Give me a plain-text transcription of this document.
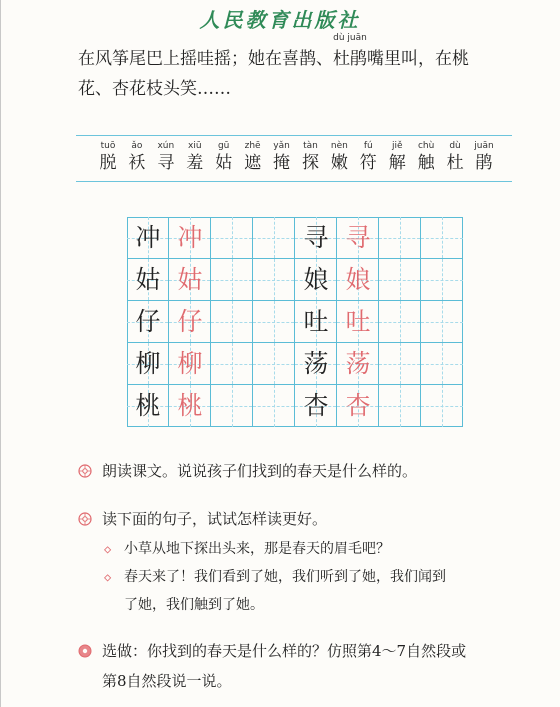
人民教育出版社
在风筝尾巴上摇哇摇；她在喜鹊、
dù juān
杜鹃嘴里叫，在桃
花、杏花枝头笑……
tuō
脱
ǎo
袄
xún
寻
xiū
羞
gū
姑
zhē
遮
yǎn
掩
tàn
探
nèn
嫩
fú
符
jiě
解
chù
触
dù
杜
juān
鹃
冲 冲	寻 寻
姑 姑	娘 娘
仔 仔	吐 吐
柳 柳	荡 荡
桃 桃	杏 杏
朗读课文。说说孩子们找到的春天是什么样的。
读下面的句子，试试怎样读更好。
◇ 小草从地下探出头来，那是春天的眉毛吧？
◇ 春天来了！我们看到了她，我们听到了她，我们闻到
了她，我们触到了她。
选做：你找到的春天是什么样的？仿照第4～7自然段或
第8自然段说一说。
